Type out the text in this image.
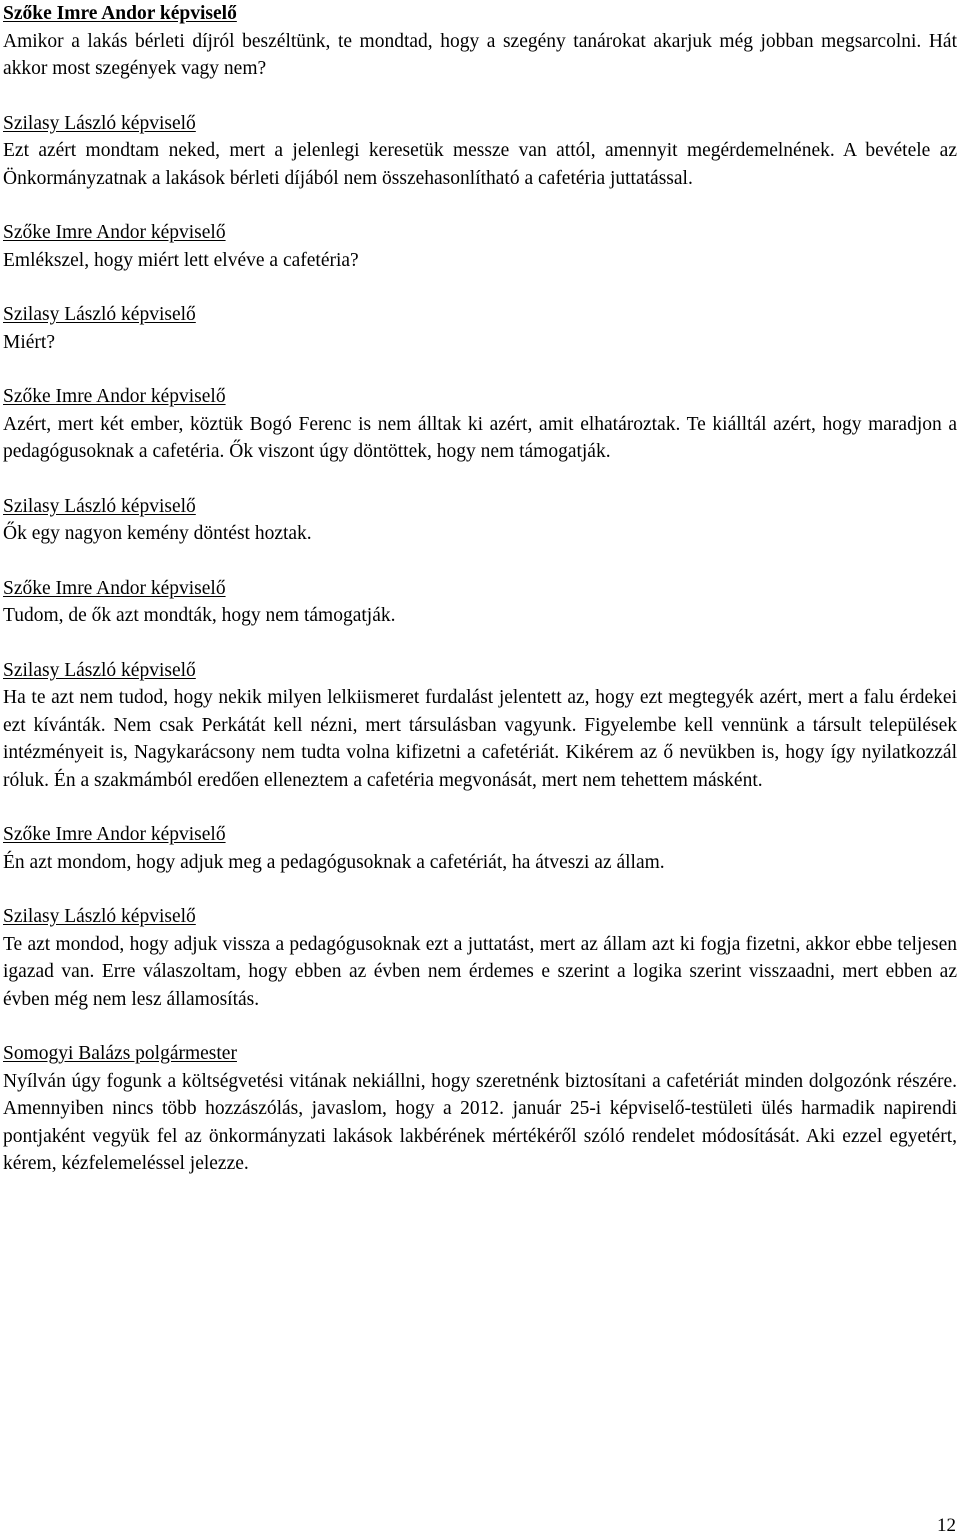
Szőke Imre Andor képviselő

Amikor a lakás bérleti díjról beszéltünk, te mondtad, hogy a szegény tanárokat akarjuk még jobban megsarcolni. Hát akkor most szegények vagy nem?

Szilasy László képviselő

Ezt azért mondtam neked, mert a jelenlegi keresetük messze van attól, amennyit megérdemelnének. A bevétele az Önkormányzatnak a lakások bérleti díjából nem összehasonlítható a cafetéria juttatással.

Szőke Imre Andor képviselő

Emlékszel, hogy miért lett elvéve a cafetéria?

Szilasy László képviselő

Miért?

Szőke Imre Andor képviselő

Azért, mert két ember, köztük Bogó Ferenc is nem álltak ki azért, amit elhatároztak. Te kiálltál azért, hogy maradjon a pedagógusoknak a cafetéria. Ők viszont úgy döntöttek, hogy nem támogatják.

Szilasy László képviselő

Ők egy nagyon kemény döntést hoztak.

Szőke Imre Andor képviselő

Tudom, de ők azt mondták, hogy nem támogatják.

Szilasy László képviselő

Ha te azt nem tudod, hogy nekik milyen lelkiismeret furdalást jelentett az, hogy ezt megtegyék azért, mert a falu érdekei ezt kívánták. Nem csak Perkátát kell nézni, mert társulásban vagyunk. Figyelembe kell vennünk a társult települések intézményeit is, Nagykarácsony nem tudta volna kifizetni a cafetériát. Kikérem az ő nevükben is, hogy így nyilatkozzál róluk. Én a szakmámból eredően elleneztem a cafetéria megvonását, mert nem tehettem másként.

Szőke Imre Andor képviselő

Én azt mondom, hogy adjuk meg a pedagógusoknak a cafetériát, ha átveszi az állam.

Szilasy László képviselő

Te azt mondod, hogy adjuk vissza a pedagógusoknak ezt a juttatást, mert az állam azt ki fogja fizetni, akkor ebbe teljesen igazad van. Erre válaszoltam, hogy ebben az évben nem érdemes e szerint a logika szerint visszaadni, mert ebben az évben még nem lesz államosítás.

Somogyi Balázs polgármester

Nyílván úgy fogunk a költségvetési vitának nekiállni, hogy szeretnénk biztosítani a cafetériát minden dolgozónk részére. Amennyiben nincs több hozzászólás, javaslom, hogy a 2012. január 25-i képviselő-testületi ülés harmadik napirendi pontjaként vegyük fel az önkormányzati lakások lakbérének mértékéről szóló rendelet módosítását. Aki ezzel egyetért, kérem, kézfelemeléssel jelezze.

12
